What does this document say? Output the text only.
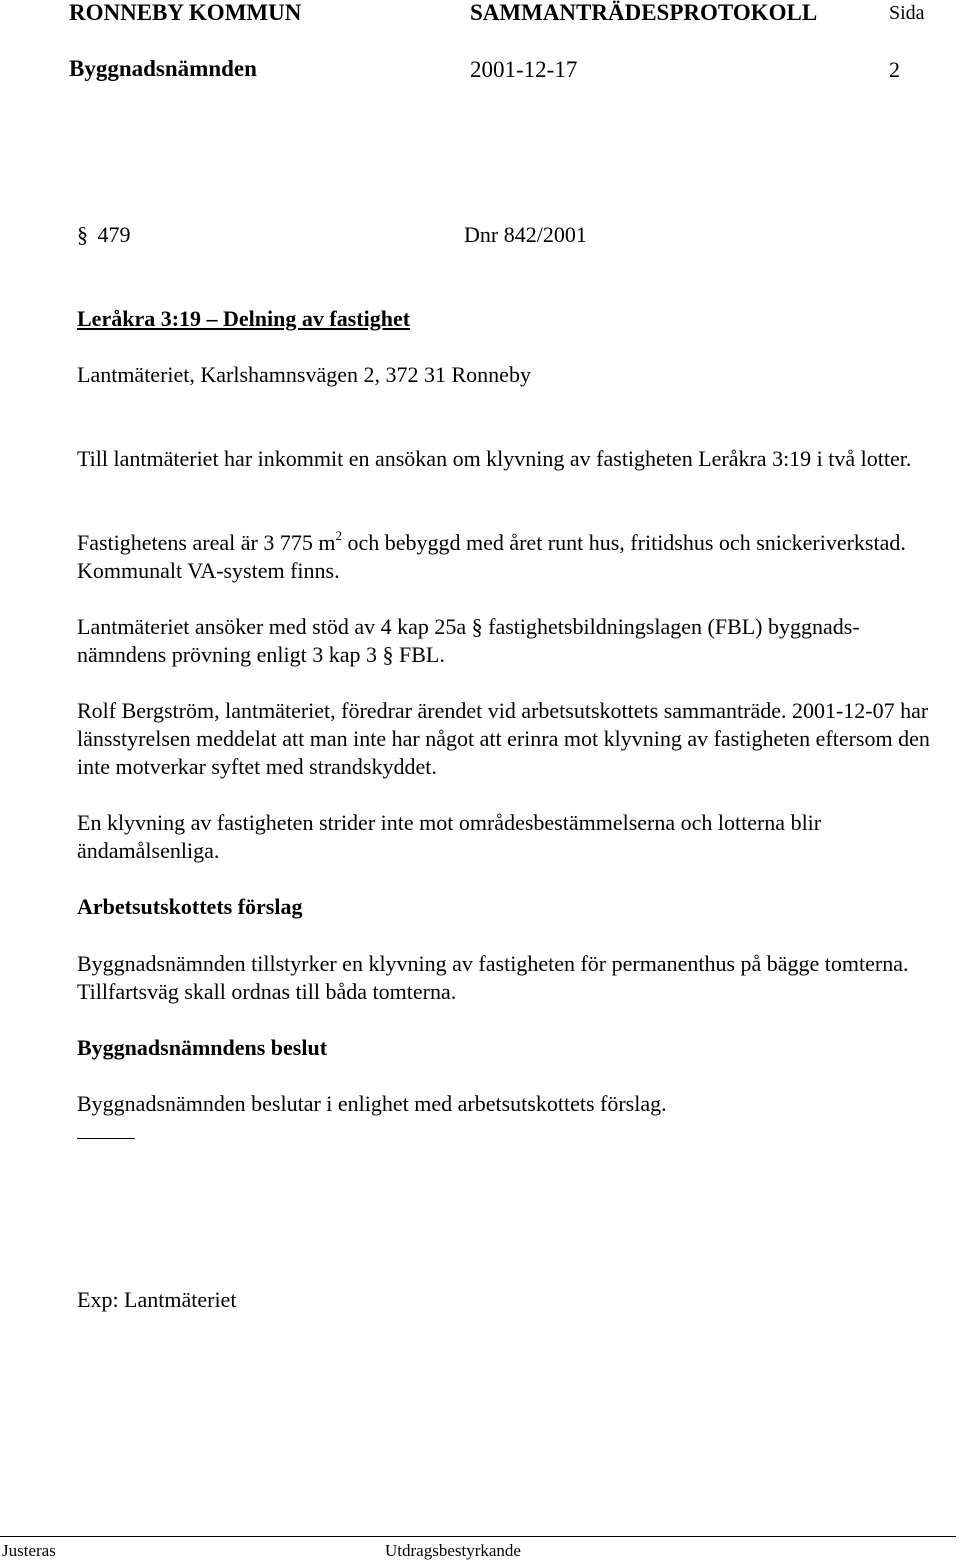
RONNEBY KOMMUN	SAMMANTRÄDESPROTOKOLL	Sida
Byggnadsnämnden	2001-12-17	2
§ 479	Dnr 842/2001
Leråkra 3:19 – Delning av fastighet
Lantmäteriet, Karlshamnsvägen 2, 372 31 Ronneby
Till lantmäteriet har inkommit en ansökan om klyvning av fastigheten Leråkra 3:19 i två lotter.
Fastighetens areal är 3 775 $m^2$ och bebyggd med året runt hus, fritidshus och snickeriverkstad. Kommunalt VA-system finns.
Lantmäteriet ansöker med stöd av 4 kap 25a § fastighetsbildningslagen (FBL) byggnads-nämndens prövning enligt 3 kap 3 § FBL.
Rolf Bergström, lantmäteriet, föredrar ärendet vid arbetsutskottets sammanträde. 2001-12-07 har länsstyrelsen meddelat att man inte har något att erinra mot klyvning av fastigheten eftersom den inte motverkar syftet med strandskyddet.
En klyvning av fastigheten strider inte mot områdesbestämmelserna och lotterna blir ändamålsenliga.
Arbetsutskottets förslag
Byggnadsnämnden tillstyrker en klyvning av fastigheten för permanenthus på bägge tomterna. Tillfartsväg skall ordnas till båda tomterna.
Byggnadsnämndens beslut
Byggnadsnämnden beslutar i enlighet med arbetsutskottets förslag.
Exp: Lantmäteriet
Justeras	Utdragsbestyrkande
